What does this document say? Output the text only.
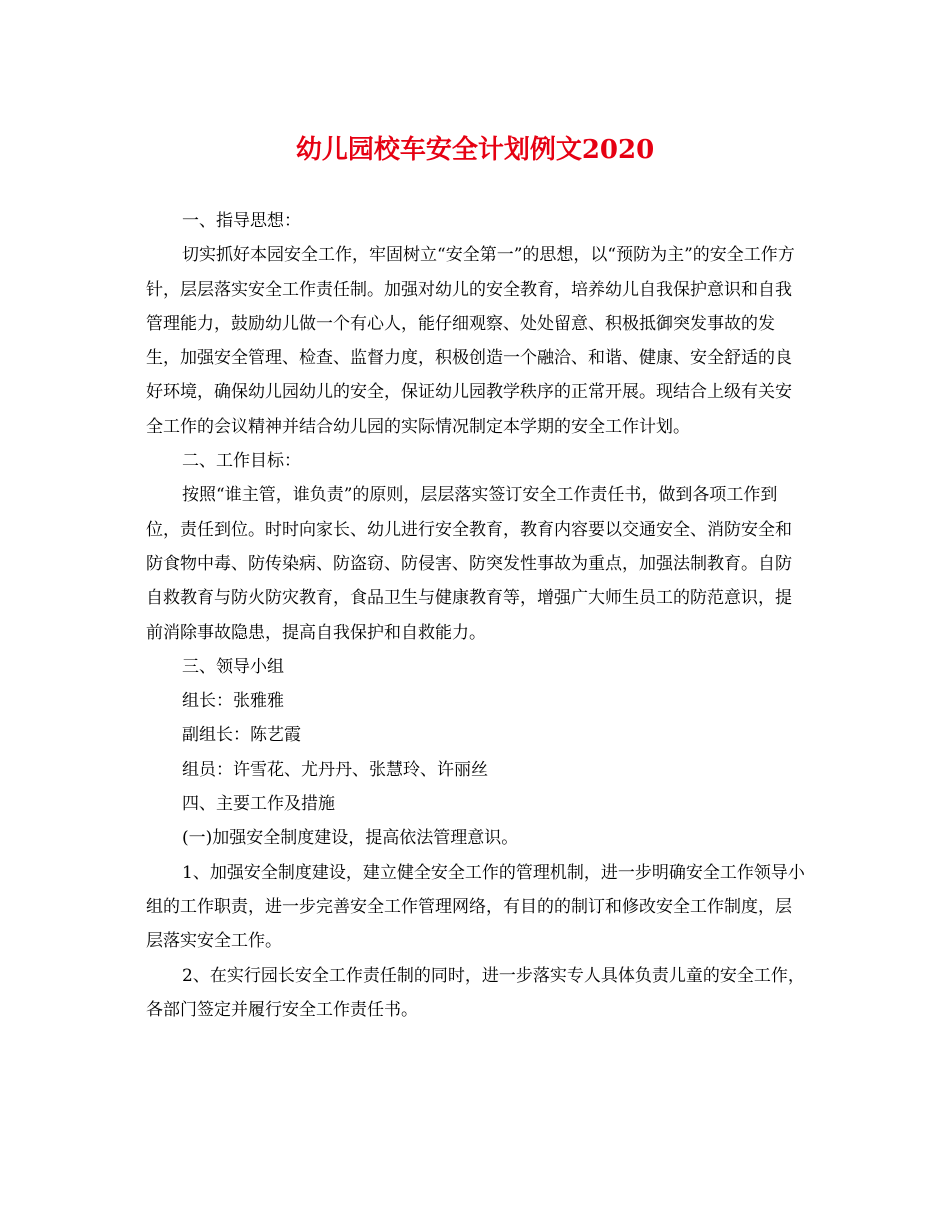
幼儿园校车安全计划例文2020

一、指导思想：

切实抓好本园安全工作，牢固树立“安全第一”的思想，以“预防为主”的安全工作方针，层层落实安全工作责任制。加强对幼儿的安全教育，培养幼儿自我保护意识和自我管理能力，鼓励幼儿做一个有心人，能仔细观察、处处留意、积极抵御突发事故的发生，加强安全管理、检查、监督力度，积极创造一个融洽、和谐、健康、安全舒适的良好环境，确保幼儿园幼儿的安全，保证幼儿园教学秩序的正常开展。现结合上级有关安全工作的会议精神并结合幼儿园的实际情况制定本学期的安全工作计划。

二、工作目标：

按照“谁主管，谁负责”的原则，层层落实签订安全工作责任书，做到各项工作到位，责任到位。时时向家长、幼儿进行安全教育，教育内容要以交通安全、消防安全和防食物中毒、防传染病、防盗窃、防侵害、防突发性事故为重点，加强法制教育。自防自救教育与防火防灾教育，食品卫生与健康教育等，增强广大师生员工的防范意识，提前消除事故隐患，提高自我保护和自救能力。

三、领导小组

组长：张雅雅

副组长：陈艺霞

组员：许雪花、尤丹丹、张慧玲、许丽丝

四、主要工作及措施

(一)加强安全制度建设，提高依法管理意识。

1、加强安全制度建设，建立健全安全工作的管理机制，进一步明确安全工作领导小组的工作职责，进一步完善安全工作管理网络，有目的的制订和修改安全工作制度，层层落实安全工作。

2、在实行园长安全工作责任制的同时，进一步落实专人具体负责儿童的安全工作，各部门签定并履行安全工作责任书。
